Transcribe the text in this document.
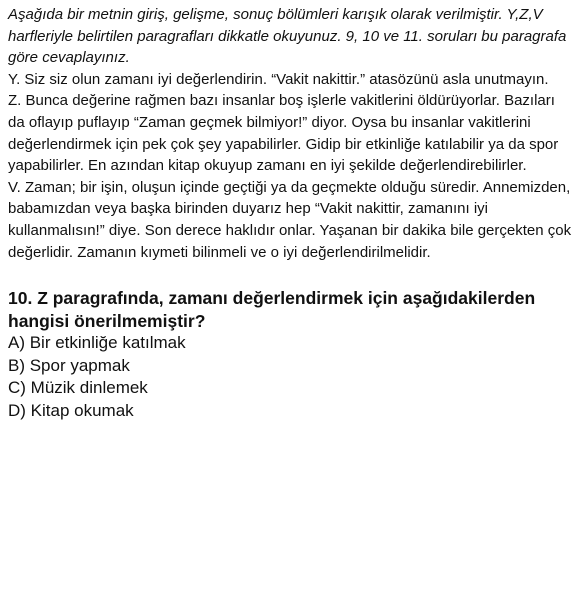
Aşağıda bir metnin giriş, gelişme, sonuç bölümleri karışık olarak verilmiştir. Y,Z,V harfleriyle belirtilen paragrafları dikkatle okuyunuz. 9, 10 ve 11. soruları bu paragrafa göre cevaplayınız.

Y. Siz siz olun zamanı iyi değerlendirin. “Vakit nakittir.” atasözünü asla unutmayın.

Z. Bunca değerine rağmen bazı insanlar boş işlerle vakitlerini öldürüyorlar. Bazıları da oflayıp puflayıp “Zaman geçmek bilmiyor!” diyor. Oysa bu insanlar vakitlerini değerlendirmek için pek çok şey yapabilirler. Gidip bir etkinliğe katılabilir ya da spor yapabilirler. En azından kitap okuyup zamanı en iyi şekilde değerlendirebilirler.

V. Zaman; bir işin, oluşun içinde geçtiği ya da geçmekte olduğu süredir. Annemizden, babamızdan veya başka birinden duyarız hep “Vakit nakittir, zamanını iyi kullanmalısın!” diye. Son derece haklıdır onlar. Yaşanan bir dakika bile gerçekten çok değerlidir. Zamanın kıymeti bilinmeli ve o iyi değerlendirilmelidir.

10. Z paragrafında, zamanı değerlendirmek için aşağıdakilerden hangisi önerilmemiştir?

A) Bir etkinliğe katılmak
B) Spor yapmak
C) Müzik dinlemek
D) Kitap okumak
